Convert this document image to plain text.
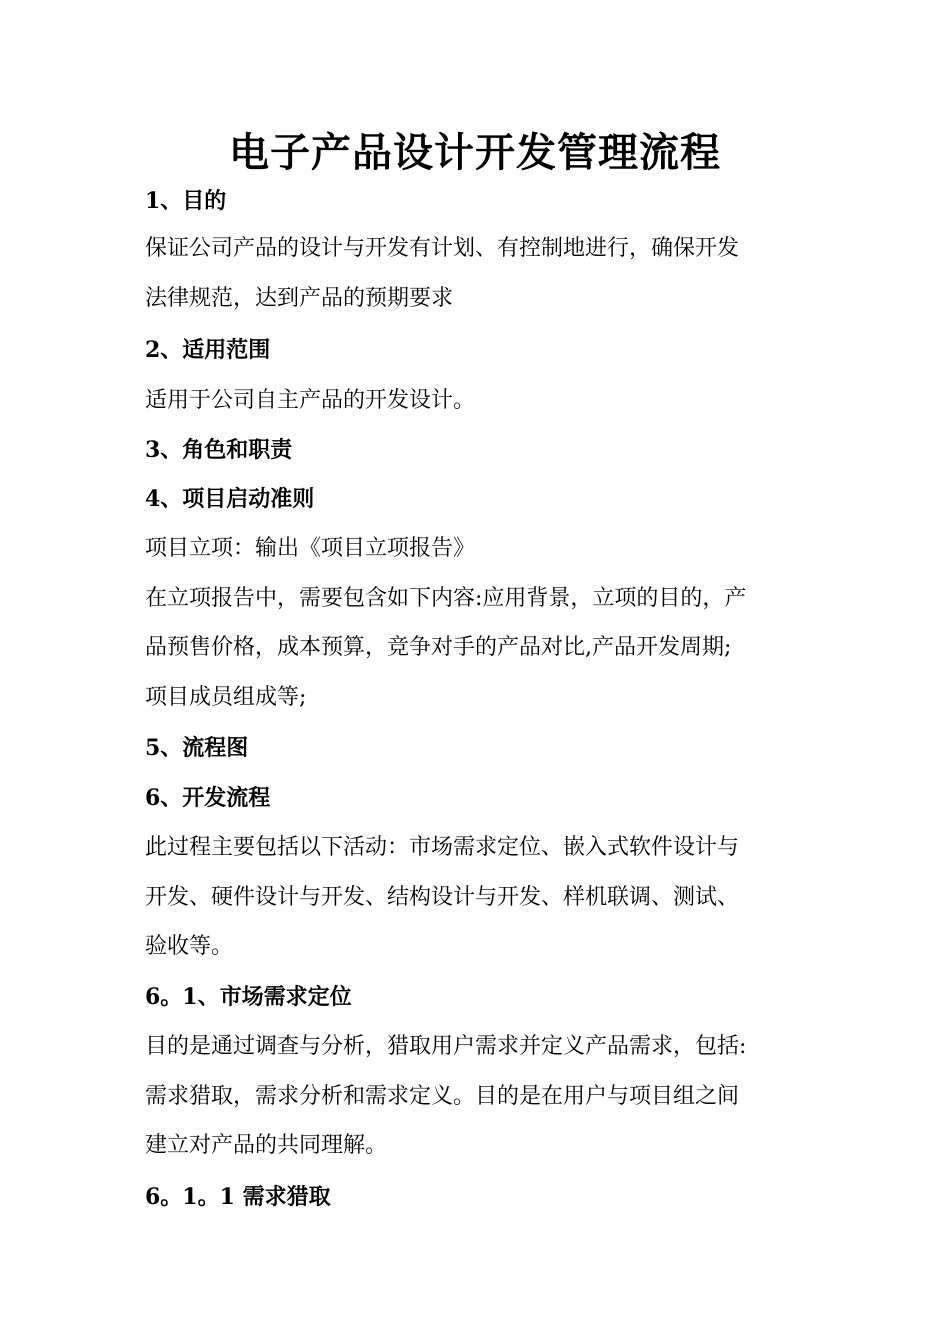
电子产品设计开发管理流程
1、目的
保证公司产品的设计与开发有计划、有控制地进行，确保开发
法律规范，达到产品的预期要求
2、适用范围
适用于公司自主产品的开发设计。
3、角色和职责
4、项目启动准则
项目立项：输出《项目立项报告》
在立项报告中，需要包含如下内容:应用背景，立项的目的，产
品预售价格，成本预算，竞争对手的产品对比,产品开发周期;
项目成员组成等;
5、流程图
6、开发流程
此过程主要包括以下活动：市场需求定位、嵌入式软件设计与
开发、硬件设计与开发、结构设计与开发、样机联调、测试、
验收等。
6。1、市场需求定位
目的是通过调查与分析，猎取用户需求并定义产品需求，包括:
需求猎取，需求分析和需求定义。目的是在用户与项目组之间
建立对产品的共同理解。
6。1。1 需求猎取
